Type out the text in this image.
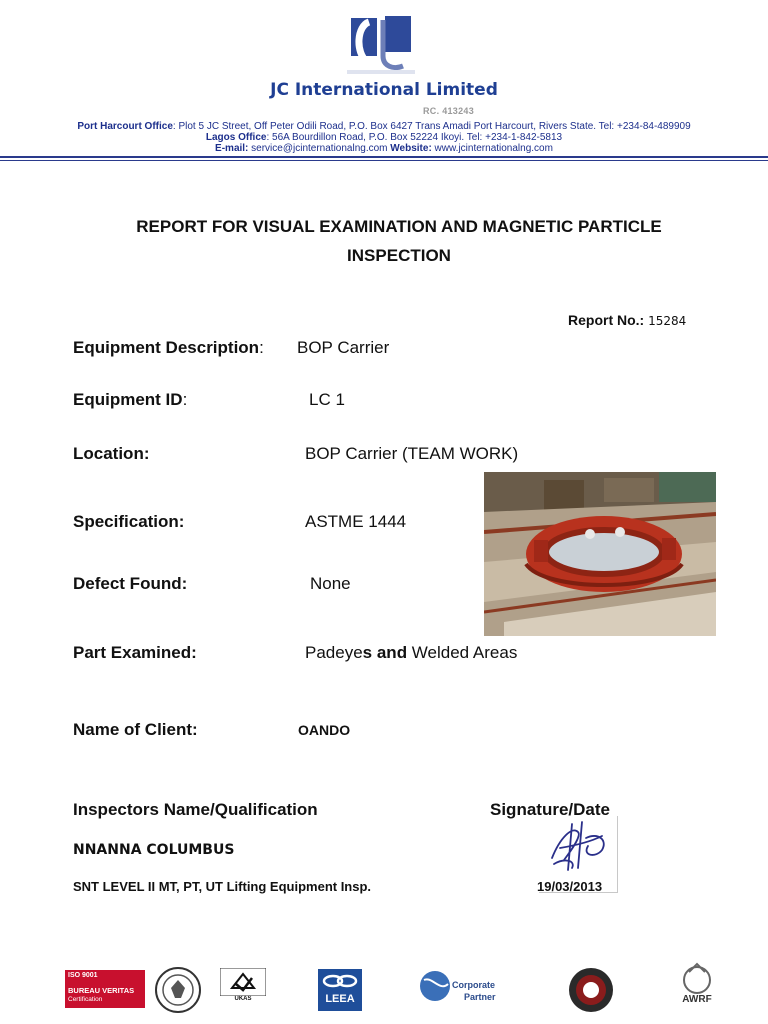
JC International Limited
RC. 413243
Port Harcourt Office: Plot 5 JC Street, Off Peter Odili Road, P.O. Box 6427 Trans Amadi Port Harcourt, Rivers State. Tel: +234-84-489909
Lagos Office: 56A Bourdillon Road, P.O. Box 52224 Ikoyi. Tel: +234-1-842-5813
E-mail: service@jcinternationalng.com Website: www.jcinternationalng.com
REPORT FOR VISUAL EXAMINATION AND MAGNETIC PARTICLE INSPECTION
Report No.: 15284
Equipment Description: BOP Carrier
Equipment ID:	LC 1
Location:	BOP Carrier (TEAM WORK)
Specification:	ASTME 1444
Defect Found:	None
Part Examined:	Padeyes and Welded Areas
Name of Client:	OANDO
Inspectors Name/Qualification	Signature/Date
NNANNA COLUMBUS
SNT LEVEL II MT, PT, UT Lifting Equipment Insp.	19/03/2013
ISO 9001
BUREAU VERITAS
Certification	UKAS	LEEA
Corporate
Partner	AWRF
